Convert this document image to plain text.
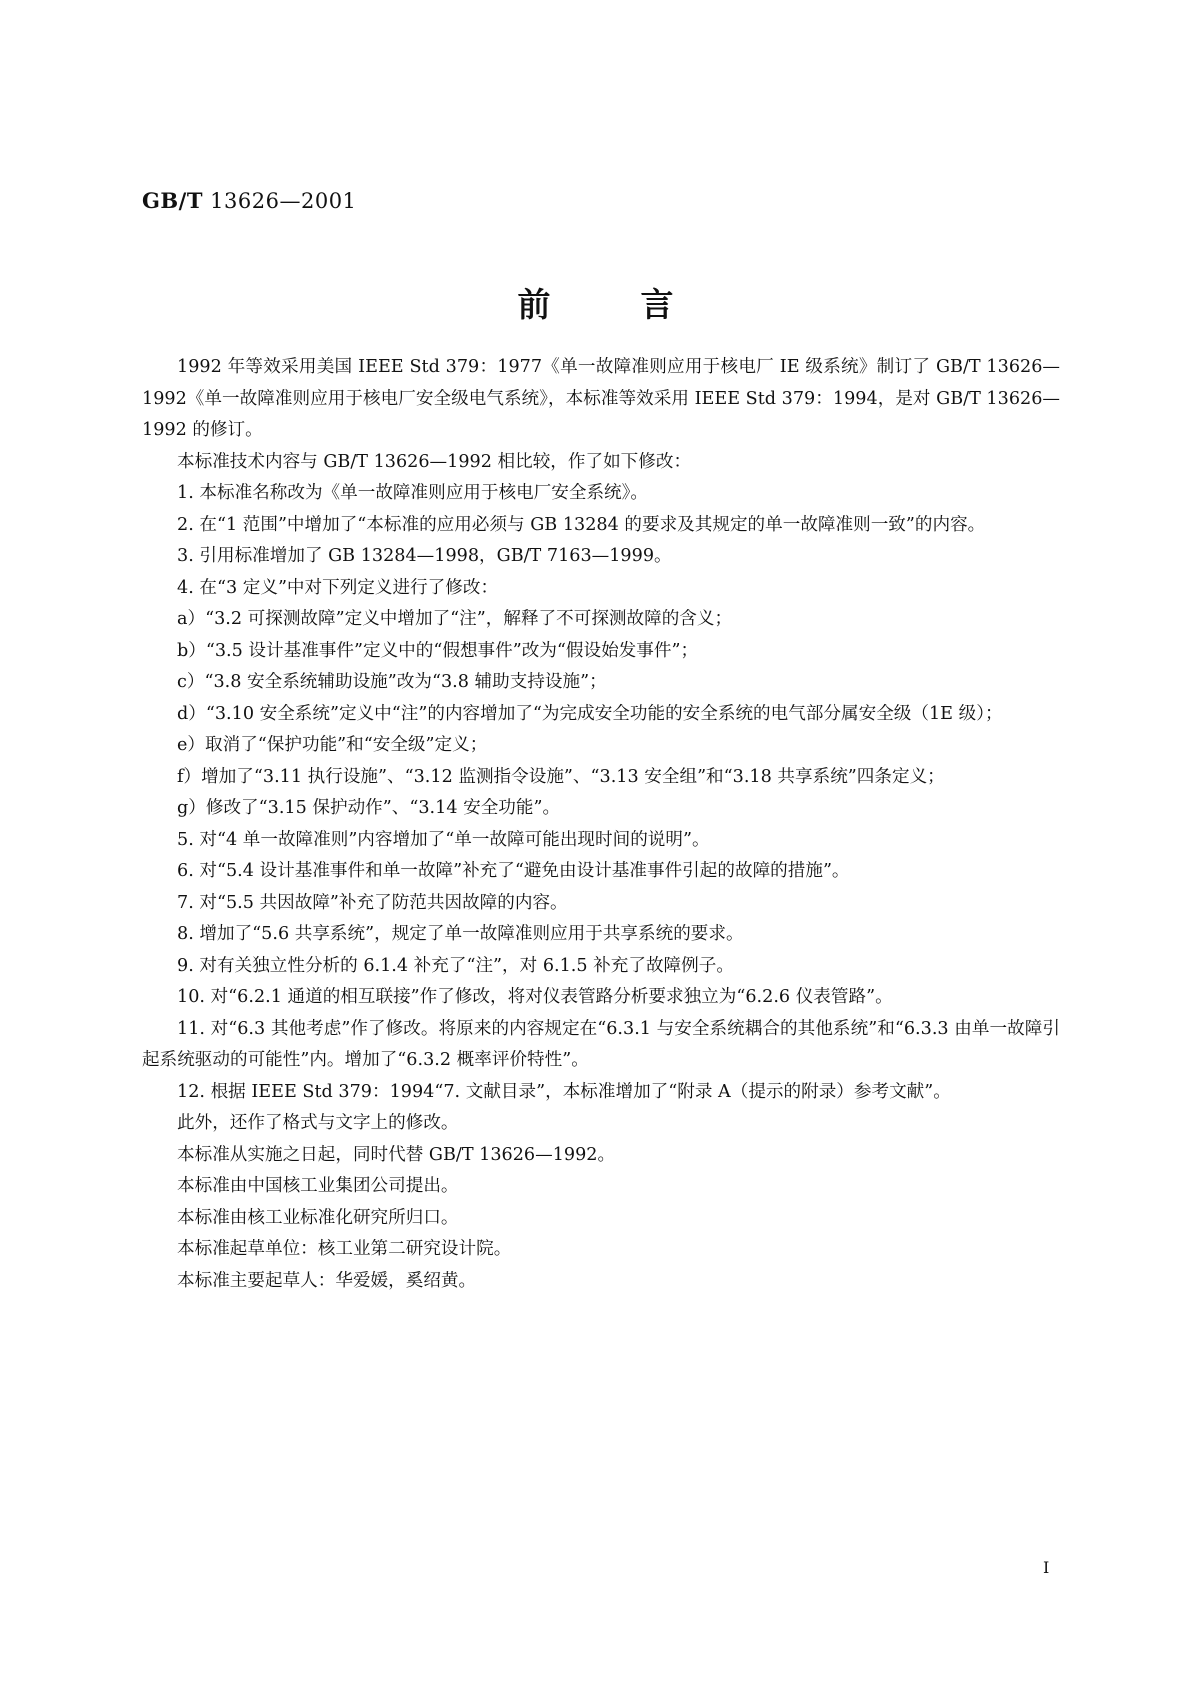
GB/T 13626—2001
前言

1992 年等效采用美国 IEEE Std 379：1977《单一故障准则应用于核电厂 IE 级系统》制订了 GB/T 13626—1992《单一故障准则应用于核电厂安全级电气系统》，本标准等效采用 IEEE Std 379：1994，是对 GB/T 13626—1992 的修订。

本标准技术内容与 GB/T 13626—1992 相比较，作了如下修改：

1. 本标准名称改为《单一故障准则应用于核电厂安全系统》。

2. 在“1 范围”中增加了“本标准的应用必须与 GB 13284 的要求及其规定的单一故障准则一致”的内容。

3. 引用标准增加了 GB 13284—1998，GB/T 7163—1999。

4. 在“3 定义”中对下列定义进行了修改：

a）“3.2 可探测故障”定义中增加了“注”，解释了不可探测故障的含义；

b）“3.5 设计基准事件”定义中的“假想事件”改为“假设始发事件”；

c）“3.8 安全系统辅助设施”改为“3.8 辅助支持设施”；

d）“3.10 安全系统”定义中“注”的内容增加了“为完成安全功能的安全系统的电气部分属安全级（1E 级）；

e）取消了“保护功能”和“安全级”定义；

f）增加了“3.11 执行设施”、“3.12 监测指令设施”、“3.13 安全组”和“3.18 共享系统”四条定义；

g）修改了“3.15 保护动作”、“3.14 安全功能”。

5. 对“4 单一故障准则”内容增加了“单一故障可能出现时间的说明”。

6. 对“5.4 设计基准事件和单一故障”补充了“避免由设计基准事件引起的故障的措施”。

7. 对“5.5 共因故障”补充了防范共因故障的内容。

8. 增加了“5.6 共享系统”，规定了单一故障准则应用于共享系统的要求。

9. 对有关独立性分析的 6.1.4 补充了“注”，对 6.1.5 补充了故障例子。

10. 对“6.2.1 通道的相互联接”作了修改，将对仪表管路分析要求独立为“6.2.6 仪表管路”。

11. 对“6.3 其他考虑”作了修改。将原来的内容规定在“6.3.1 与安全系统耦合的其他系统”和“6.3.3 由单一故障引起系统驱动的可能性”内。增加了“6.3.2 概率评价特性”。

12. 根据 IEEE Std 379：1994“7. 文献目录”，本标准增加了“附录 A（提示的附录）参考文献”。

此外，还作了格式与文字上的修改。

本标准从实施之日起，同时代替 GB/T 13626—1992。

本标准由中国核工业集团公司提出。

本标准由核工业标准化研究所归口。

本标准起草单位：核工业第二研究设计院。

本标准主要起草人：华爱媛，奚绍黄。

I
